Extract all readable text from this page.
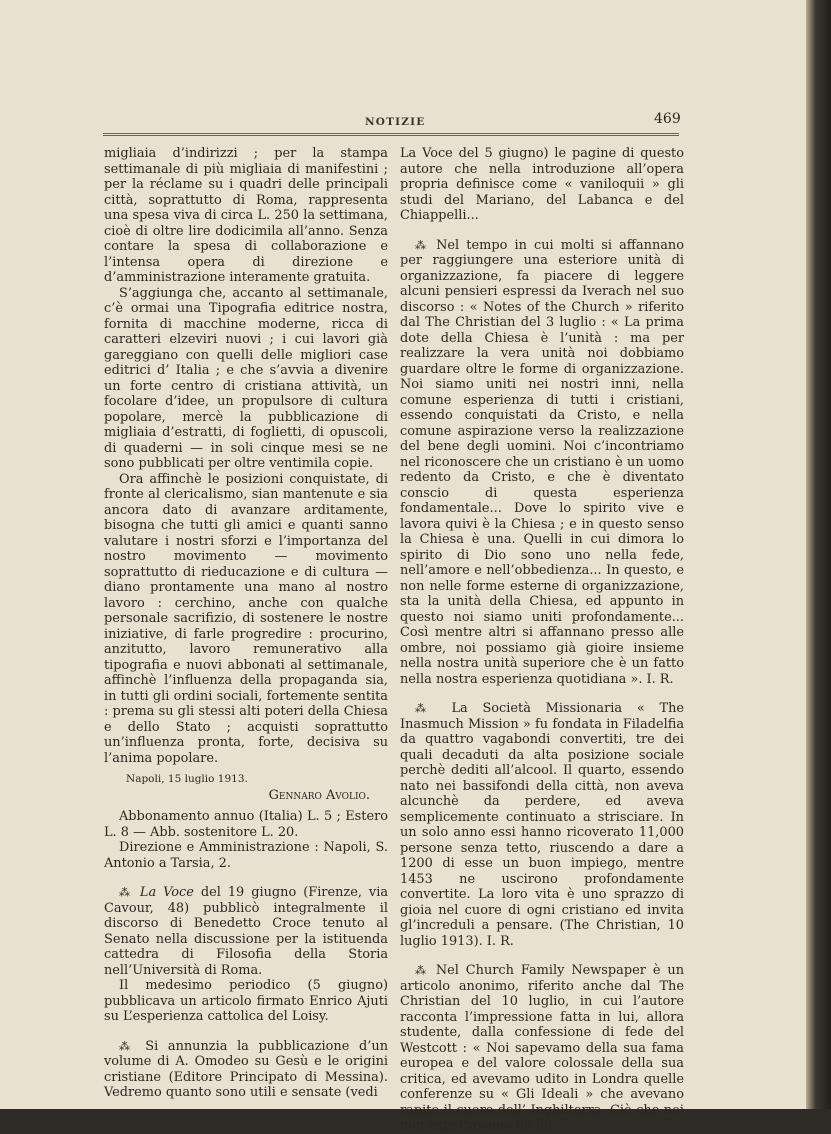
NOTIZIE	469

migliaia d’indirizzi ; per la stampa settimanale di più migliaia di manifestini ; per la réclame su i quadri delle principali città, soprattutto di Roma, rappresenta una spesa viva di circa L. 250 la settimana, cioè di oltre lire dodicimila all’anno. Senza contare la spesa di collaborazione e l’intensa opera di direzione e d’amministrazione interamente gratuita.

S’aggiunga che, accanto al settimanale, c’è ormai una Tipografia editrice nostra, fornita di macchine moderne, ricca di caratteri elzeviri nuovi ; i cui lavori già gareggiano con quelli delle migliori case editrici d’ Italia ; e che s’avvia a divenire un forte centro di cristiana attività, un focolare d’idee, un propulsore di cultura popolare, mercè la pubblicazione di migliaia d’estratti, di foglietti, di opuscoli, di quaderni — in soli cinque mesi se ne sono pubblicati per oltre ventimila copie.

Ora affinchè le posizioni conquistate, di fronte al clericalismo, sian mantenute e sia ancora dato di avanzare arditamente, bisogna che tutti gli amici e quanti sanno valutare i nostri sforzi e l’importanza del nostro movimento — movimento soprattutto di rieducazione e di cultura — diano prontamente una mano al nostro lavoro : cerchino, anche con qualche personale sacrifizio, di sostenere le nostre iniziative, di farle progredire : procurino, anzitutto, lavoro remunerativo alla tipografia e nuovi abbonati al settimanale, affinchè l’influenza della propaganda sia, in tutti gli ordini sociali, fortemente sentita : prema su gli stessi alti poteri della Chiesa e dello Stato ; acquisti soprattutto un’influenza pronta, forte, decisiva su l’anima popolare.

Napoli, 15 luglio 1913.

Gennaro Avolio.

Abbonamento annuo (Italia) L. 5 ; Estero L. 8 — Abb. sostenitore L. 20.

Direzione e Amministrazione : Napoli, S. Antonio a Tarsia, 2.

⁂ La Voce del 19 giugno (Firenze, via Cavour, 48) pubblicò integralmente il discorso di Benedetto Croce tenuto al Senato nella discussione per la istituenda cattedra di Filosofia della Storia nell’Università di Roma.

Il medesimo periodico (5 giugno) pubblicava un articolo firmato Enrico Ajuti su L’esperienza cattolica del Loisy.

⁂ Si annunzia la pubblicazione d’un volume di A. Omodeo su Gesù e le origini cristiane (Editore Principato di Messina). Vedremo quanto sono utili e sensate (vedi

La Voce del 5 giugno) le pagine di questo autore che nella introduzione all’opera propria definisce come « vaniloquii » gli studi del Mariano, del Labanca e del Chiappelli...

⁂ Nel tempo in cui molti si affannano per raggiungere una esteriore unità di organizzazione, fa piacere di leggere alcuni pensieri espressi da Iverach nel suo discorso : « Notes of the Church » riferito dal The Christian del 3 luglio : « La prima dote della Chiesa è l’unità : ma per realizzare la vera unità noi dobbiamo guardare oltre le forme di organizzazione. Noi siamo uniti nei nostri inni, nella comune esperienza di tutti i cristiani, essendo conquistati da Cristo, e nella comune aspirazione verso la realizzazione del bene degli uomini. Noi c’incontriamo nel riconoscere che un cristiano è un uomo redento da Cristo, e che è diventato conscio di questa esperienza fondamentale... Dove lo spirito vive e lavora quivi è la Chiesa ; e in questo senso la Chiesa è una. Quelli in cui dimora lo spirito di Dio sono uno nella fede, nell’amore e nell’obbedienza... In questo, e non nelle forme esterne di organizzazione, sta la unità della Chiesa, ed appunto in questo noi siamo uniti profondamente... Così mentre altri si affannano presso alle ombre, noi possiamo già gioire insieme nella nostra unità superiore che è un fatto nella nostra esperienza quotidiana ». I. R.

⁂ La Società Missionaria « The Inasmuch Mission » fu fondata in Filadelfia da quattro vagabondi convertiti, tre dei quali decaduti da alta posizione sociale perchè dediti all’alcool. Il quarto, essendo nato nei bassifondi della città, non aveva alcunchè da perdere, ed aveva semplicemente continuato a strisciare. In un solo anno essi hanno ricoverato 11,000 persone senza tetto, riuscendo a dare a 1200 di esse un buon impiego, mentre 1453 ne uscirono profondamente convertite. La loro vita è uno sprazzo di gioia nel cuore di ogni cristiano ed invita gl’increduli a pensare. (The Christian, 10 luglio 1913). I. R.

⁂ Nel Church Family Newspaper è un articolo anonimo, riferito anche dal The Christian del 10 luglio, in cui l’autore racconta l’impressione fatta in lui, allora studente, dalla confessione di fede del Westcott : « Noi sapevamo della sua fama europea e del valore colossale della sua critica, ed avevamo udito in Londra quelle conferenze su « Gli Ideali » che avevano rapito il cuore dell’ Inghilterra. Ciò che noi non aspettavamo da lui
